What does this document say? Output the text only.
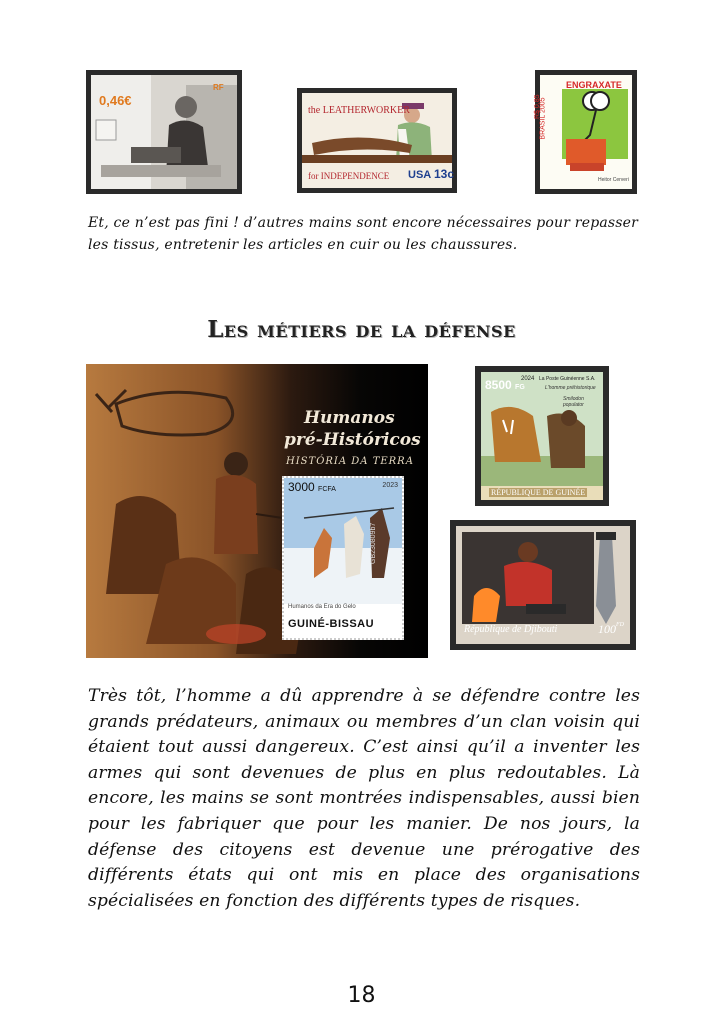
0,46€
RF
the LEATHERWORKER
for INDEPENDENCE USA 13c
ENGRAXATE
BRASIL 2005
R$ 0,85
Heitor Cerveri
Et, ce n’est pas fini ! d’autres mains sont encore nécessaires pour repasser les tissus, entretenir les articles en cuir ou les chaussures.
Les métiers de la défense
Humanos
pré-Históricos
HISTÓRIA DA TERRA
3000 FCFA
2023
Humanos da Era do Gelo
GUINÉ-BISSAU
GB230809b7
8500 FG
2024 La Poste Guinéenne S.A.
L'homme préhistorique
Smilodon populator
RÉPUBLIQUE DE GUINÉE
République de Djibouti	$100^{FD}$
Très tôt, l’homme a dû apprendre à se défendre contre les grands prédateurs, animaux ou membres d’un clan voisin qui étaient tout aussi dangereux. C’est ainsi qu’il a inventer les armes qui sont devenues de plus en plus redoutables. Là encore, les mains se sont montrées indispensables, aussi bien pour les fabriquer que pour les manier. De nos jours, la défense des citoyens est devenue une prérogative des différents états qui ont mis en place des organisations spécialisées en fonction des différents types de risques.
18
